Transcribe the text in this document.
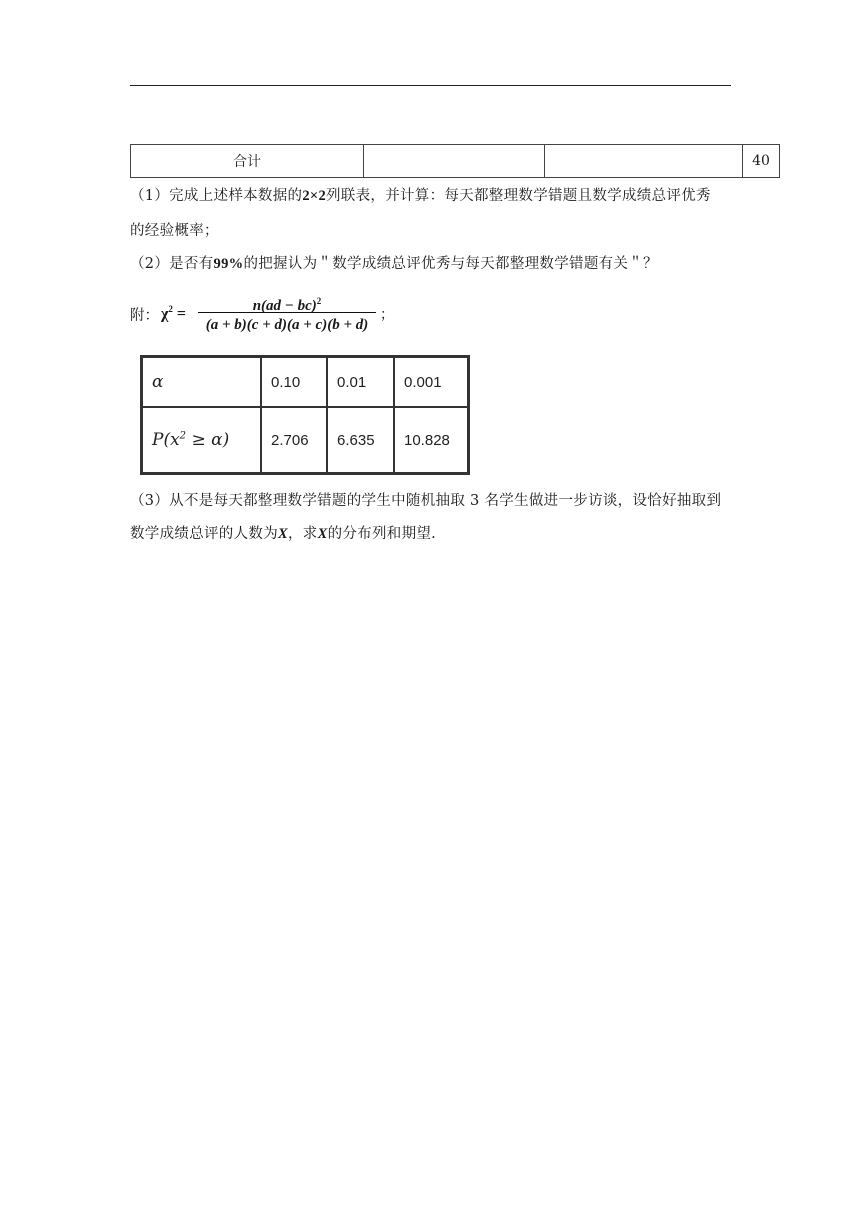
合计			40
（1）完成上述样本数据的2×2列联表，并计算：每天都整理数学错题且数学成绩总评优秀
的经验概率；
（2）是否有99%的把握认为＂数学成绩总评优秀与每天都整理数学错题有关＂？
附： $\chi^2$ =	n(ad − bc)$^2$
(a + b)(c + d)(a + c)(b + d)
；
α	0.10	0.01	0.001
$P(x^2 \ge \alpha)$	2.706	6.635	10.828
（3）从不是每天都整理数学错题的学生中随机抽取 3 名学生做进一步访谈，设恰好抽取到
数学成绩总评的人数为X，求X的分布列和期望.
